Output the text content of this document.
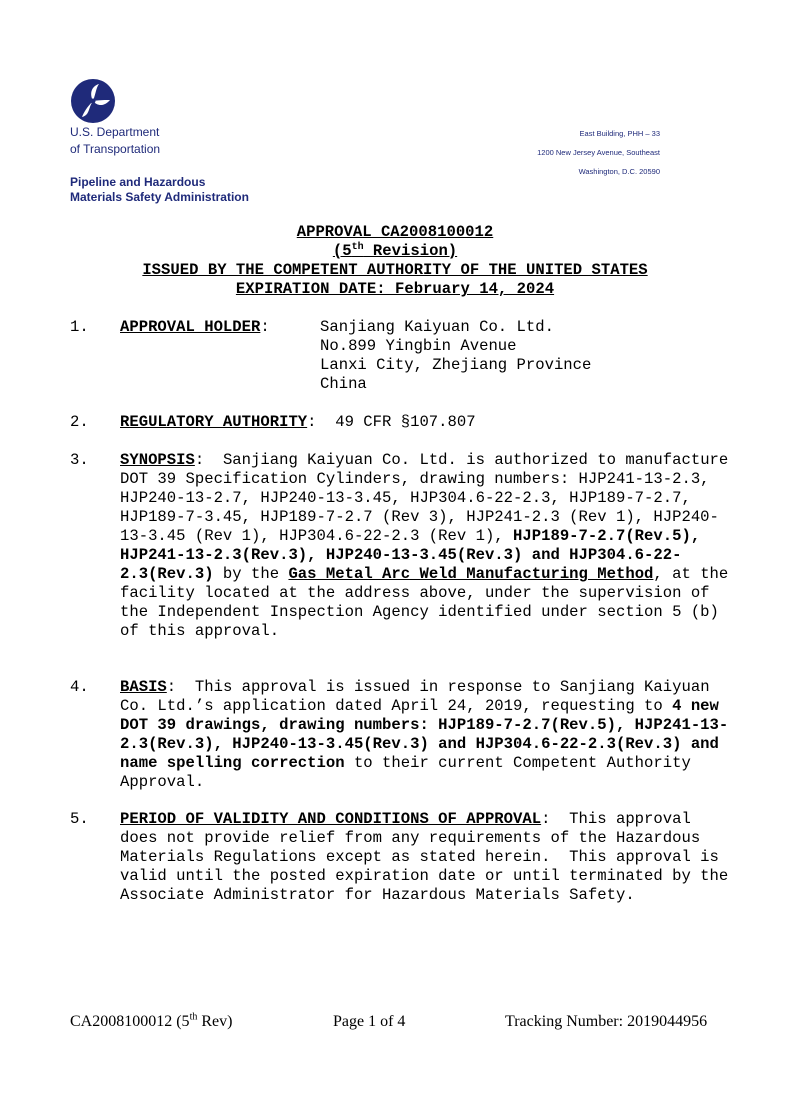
U.S. Department
of Transportation
Pipeline and Hazardous
Materials Safety Administration
East Building, PHH – 33
1200 New Jersey Avenue, Southeast
Washington, D.C. 20590
APPROVAL CA2008100012
(5th Revision)
ISSUED BY THE COMPETENT AUTHORITY OF THE UNITED STATES
EXPIRATION DATE: February 14, 2024
1. APPROVAL HOLDER:	Sanjiang Kaiyuan Co. Ltd.
No.899 Yingbin Avenue
Lanxi City, Zhejiang Province
China
2. REGULATORY AUTHORITY:  49 CFR §107.807
3. SYNOPSIS:  Sanjiang Kaiyuan Co. Ltd. is authorized to manufacture DOT 39 Specification Cylinders, drawing numbers: HJP241-13-2.3, HJP240-13-2.7, HJP240-13-3.45, HJP304.6-22-2.3, HJP189-7-2.7, HJP189-7-3.45, HJP189-7-2.7 (Rev 3), HJP241-2.3 (Rev 1), HJP240-13-3.45 (Rev 1), HJP304.6-22-2.3 (Rev 1), HJP189-7-2.7(Rev.5), HJP241-13-2.3(Rev.3), HJP240-13-3.45(Rev.3) and HJP304.6-22-2.3(Rev.3) by the Gas Metal Arc Weld Manufacturing Method, at the facility located at the address above, under the supervision of the Independent Inspection Agency identified under section 5 (b) of this approval.
4. BASIS:  This approval is issued in response to Sanjiang Kaiyuan Co. Ltd.’s application dated April 24, 2019, requesting to 4 new DOT 39 drawings, drawing numbers: HJP189-7-2.7(Rev.5), HJP241-13-2.3(Rev.3), HJP240-13-3.45(Rev.3) and HJP304.6-22-2.3(Rev.3) and name spelling correction to their current Competent Authority Approval.
5. PERIOD OF VALIDITY AND CONDITIONS OF APPROVAL:  This approval does not provide relief from any requirements of the Hazardous Materials Regulations except as stated herein.  This approval is valid until the posted expiration date or until terminated by the Associate Administrator for Hazardous Materials Safety.
CA2008100012 (5th Rev)	Page 1 of 4	Tracking Number: 2019044956
